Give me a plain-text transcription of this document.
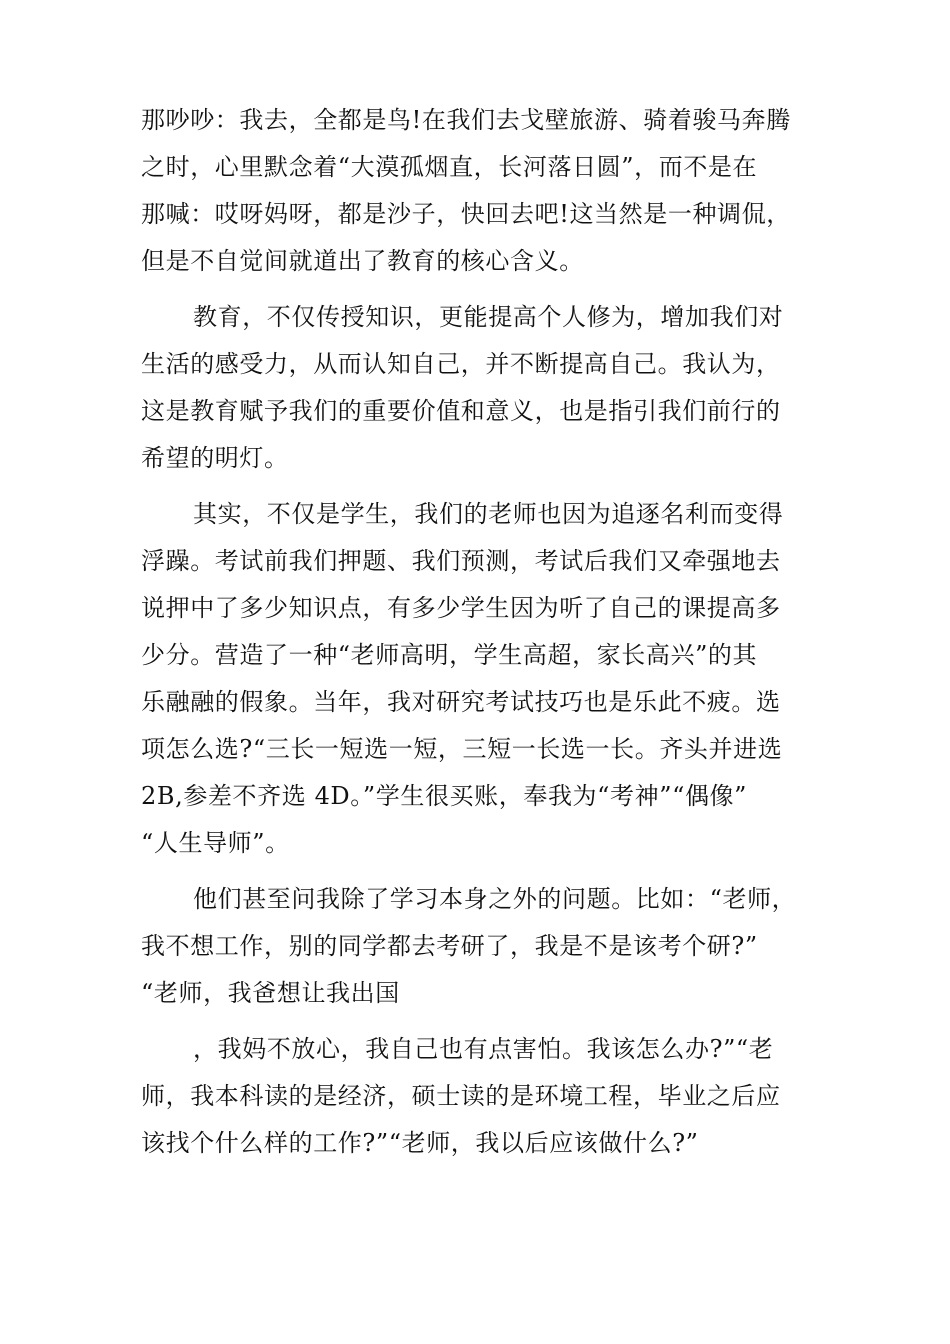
那吵吵：我去，全都是鸟!在我们去戈壁旅游、骑着骏马奔腾
之时，心里默念着“大漠孤烟直，长河落日圆”，而不是在
那喊：哎呀妈呀，都是沙子，快回去吧!这当然是一种调侃，
但是不自觉间就道出了教育的核心含义。
教育，不仅传授知识，更能提高个人修为，增加我们对
生活的感受力，从而认知自己，并不断提高自己。我认为，
这是教育赋予我们的重要价值和意义，也是指引我们前行的
希望的明灯。
其实，不仅是学生，我们的老师也因为追逐名利而变得
浮躁。考试前我们押题、我们预测，考试后我们又牵强地去
说押中了多少知识点，有多少学生因为听了自己的课提高多
少分。营造了一种“老师高明，学生高超，家长高兴”的其
乐融融的假象。当年，我对研究考试技巧也是乐此不疲。选
项怎么选?“三长一短选一短，三短一长选一长。齐头并进选
2B,参差不齐选 4D。”学生很买账，奉我为“考神”“偶像”
“人生导师”。
他们甚至问我除了学习本身之外的问题。比如：“老师，
我不想工作，别的同学都去考研了，我是不是该考个研?”
“老师，我爸想让我出国
，我妈不放心，我自己也有点害怕。我该怎么办?”“老
师，我本科读的是经济，硕士读的是环境工程，毕业之后应
该找个什么样的工作?”“老师，我以后应该做什么?”
